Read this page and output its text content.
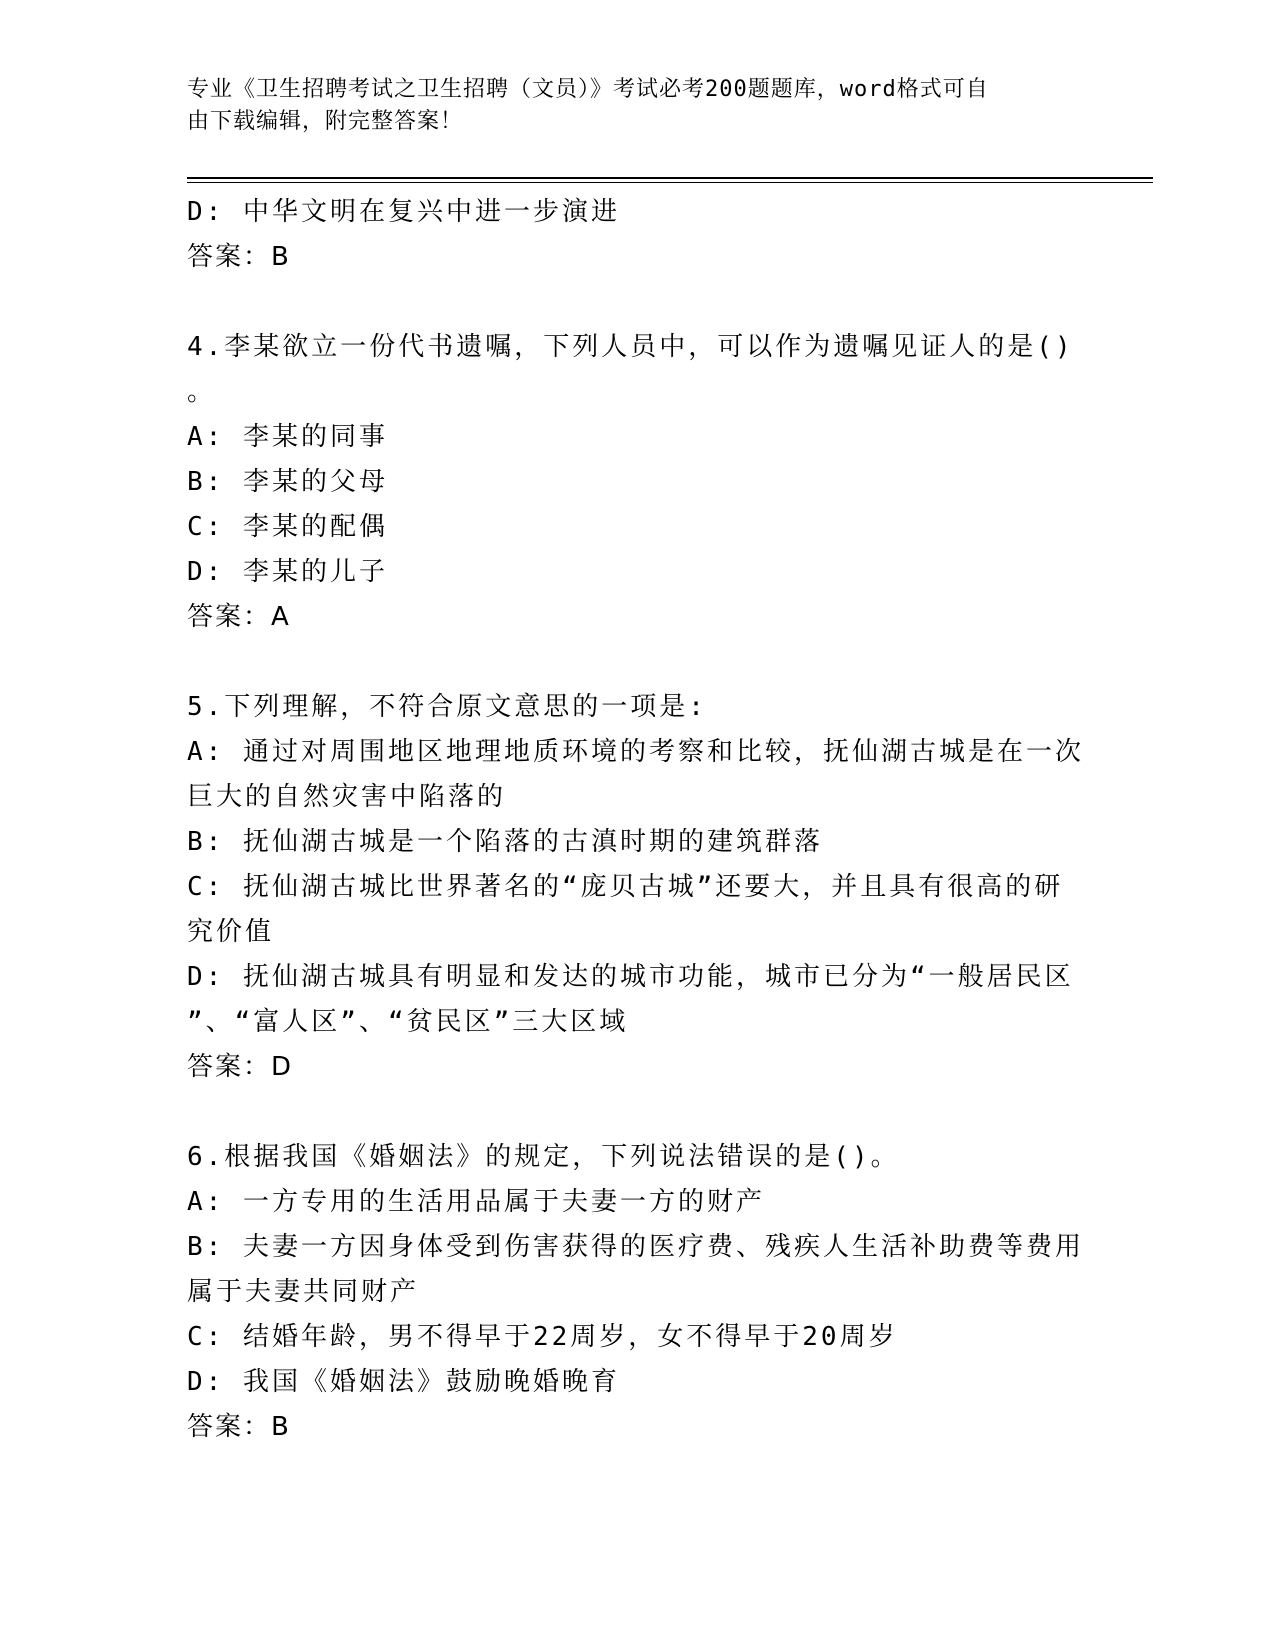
专业《卫生招聘考试之卫生招聘（文员）》考试必考200题题库，word格式可自
由下载编辑，附完整答案！
D: 中华文明在复兴中进一步演进
答案：B
4.李某欲立一份代书遗嘱，下列人员中，可以作为遗嘱见证人的是()
。
A: 李某的同事
B: 李某的父母
C: 李某的配偶
D: 李某的儿子
答案：A
5.下列理解，不符合原文意思的一项是:
A: 通过对周围地区地理地质环境的考察和比较，抚仙湖古城是在一次
巨大的自然灾害中陷落的
B: 抚仙湖古城是一个陷落的古滇时期的建筑群落
C: 抚仙湖古城比世界著名的“庞贝古城”还要大，并且具有很高的研
究价值
D: 抚仙湖古城具有明显和发达的城市功能，城市已分为“一般居民区
”、“富人区”、“贫民区”三大区域
答案：D
6.根据我国《婚姻法》的规定，下列说法错误的是()。
A: 一方专用的生活用品属于夫妻一方的财产
B: 夫妻一方因身体受到伤害获得的医疗费、残疾人生活补助费等费用
属于夫妻共同财产
C: 结婚年龄，男不得早于22周岁，女不得早于20周岁
D: 我国《婚姻法》鼓励晚婚晚育
答案：B
